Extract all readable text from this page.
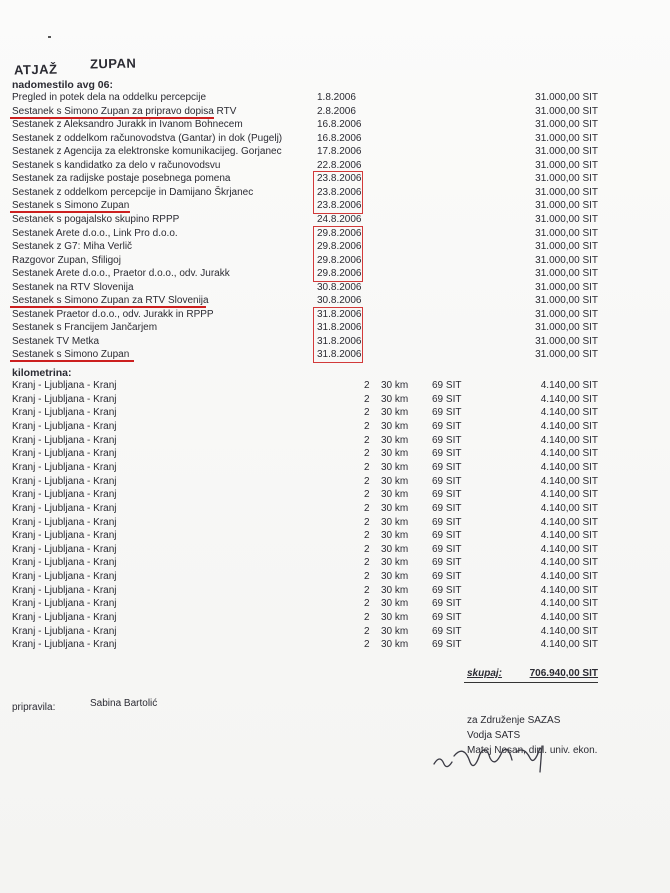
ATJAŽ ZUPAN
nadomestilo avg 06:
Pregled in potek dela na oddelku percepcije	1.8.2006	31.000,00 SIT
Sestanek s Simono Zupan za pripravo dopisa RTV	2.8.2006	31.000,00 SIT
Sestanek z Aleksandro Jurakk in Ivanom Bohnecem	16.8.2006	31.000,00 SIT
Sestanek z oddelkom računovodstva (Gantar) in dok (Pugelj)	16.8.2006	31.000,00 SIT
Sestanek z Agencija za elektronske komunikacijeg. Gorjanec	17.8.2006	31.000,00 SIT
Sestanek s kandidatko za delo v računovodsvu	22.8.2006	31.000,00 SIT
Sestanek za radijske postaje posebnega pomena	23.8.2006	31.000,00 SIT
Sestanek z oddelkom percepcije in Damijano Škrjanec	23.8.2006	31.000,00 SIT
Sestanek s Simono Zupan	23.8.2006	31.000,00 SIT
Sestanek s pogajalsko skupino RPPP	24.8.2006	31.000,00 SIT
Sestanek Arete d.o.o., Link Pro d.o.o.	29.8.2006	31.000,00 SIT
Sestanek z G7: Miha Verlič	29.8.2006	31.000,00 SIT
Razgovor Zupan, Sfiligoj	29.8.2006	31.000,00 SIT
Sestanek Arete d.o.o., Praetor d.o.o., odv. Jurakk	29.8.2006	31.000,00 SIT
Sestanek na RTV Slovenija	30.8.2006	31.000,00 SIT
Sestanek s Simono Zupan za RTV Slovenija	30.8.2006	31.000,00 SIT
Sestanek Praetor d.o.o., odv. Jurakk in RPPP	31.8.2006	31.000,00 SIT
Sestanek s Francijem Jančarjem	31.8.2006	31.000,00 SIT
Sestanek TV Metka	31.8.2006	31.000,00 SIT
Sestanek s Simono Zupan	31.8.2006	31.000,00 SIT
kilometrina:
Kranj - Ljubljana - Kranj	2 30 km 69 SIT	4.140,00 SIT
Kranj - Ljubljana - Kranj	2 30 km 69 SIT	4.140,00 SIT
Kranj - Ljubljana - Kranj	2 30 km 69 SIT	4.140,00 SIT
Kranj - Ljubljana - Kranj	2 30 km 69 SIT	4.140,00 SIT
Kranj - Ljubljana - Kranj	2 30 km 69 SIT	4.140,00 SIT
Kranj - Ljubljana - Kranj	2 30 km 69 SIT	4.140,00 SIT
Kranj - Ljubljana - Kranj	2 30 km 69 SIT	4.140,00 SIT
Kranj - Ljubljana - Kranj	2 30 km 69 SIT	4.140,00 SIT
Kranj - Ljubljana - Kranj	2 30 km 69 SIT	4.140,00 SIT
Kranj - Ljubljana - Kranj	2 30 km 69 SIT	4.140,00 SIT
Kranj - Ljubljana - Kranj	2 30 km 69 SIT	4.140,00 SIT
Kranj - Ljubljana - Kranj	2 30 km 69 SIT	4.140,00 SIT
Kranj - Ljubljana - Kranj	2 30 km 69 SIT	4.140,00 SIT
Kranj - Ljubljana - Kranj	2 30 km 69 SIT	4.140,00 SIT
Kranj - Ljubljana - Kranj	2 30 km 69 SIT	4.140,00 SIT
Kranj - Ljubljana - Kranj	2 30 km 69 SIT	4.140,00 SIT
Kranj - Ljubljana - Kranj	2 30 km 69 SIT	4.140,00 SIT
Kranj - Ljubljana - Kranj	2 30 km 69 SIT	4.140,00 SIT
Kranj - Ljubljana - Kranj	2 30 km 69 SIT	4.140,00 SIT
Kranj - Ljubljana - Kranj	2 30 km 69 SIT	4.140,00 SIT
skupaj:	706.940,00 SIT
pripravila:	Sabina Bartolić
za Združenje SAZAS
Vodja SATS
Matej Nosan, dipl. univ. ekon.
